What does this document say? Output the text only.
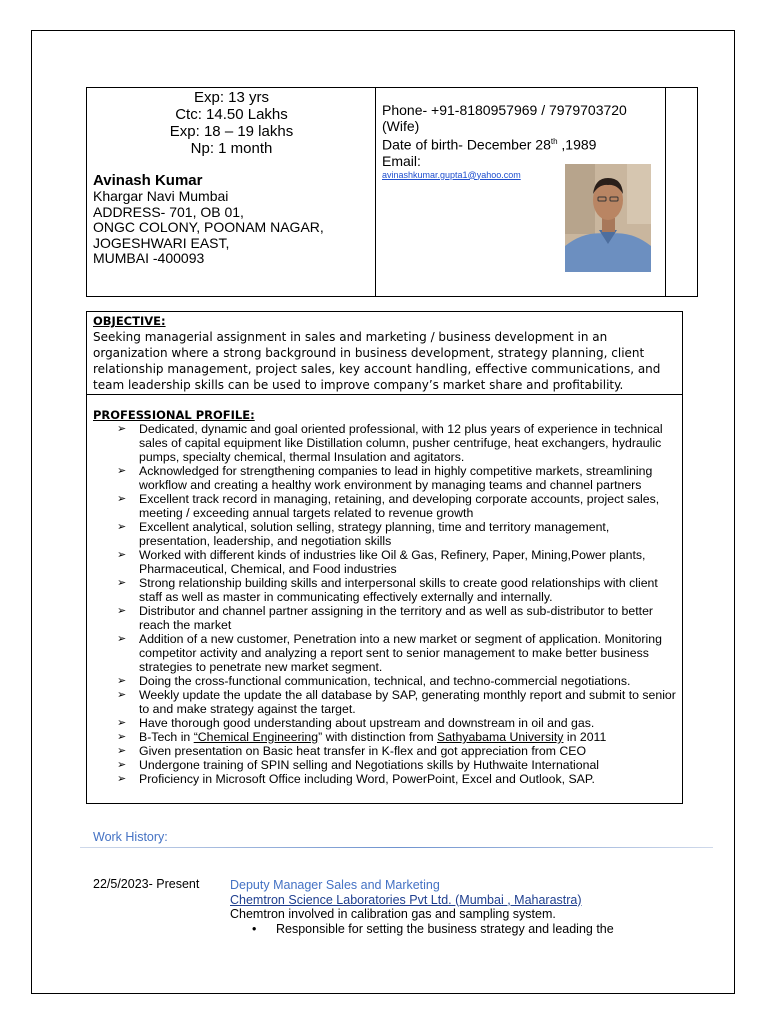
Exp: 13 yrs
Ctc: 14.50 Lakhs
Exp: 18 – 19 lakhs
Np: 1 month
Avinash Kumar
Khargar Navi Mumbai
ADDRESS- 701, OB 01,
ONGC COLONY, POONAM NAGAR,
JOGESHWARI EAST,
MUMBAI -400093
Phone- +91-8180957969 / 7979703720
(Wife)
Date of birth- December 28th ,1989
Email:
avinashkumar.gupta1@yahoo.com
OBJECTIVE:
Seeking managerial assignment in sales and marketing / business development in an organization where a strong background in business development, strategy planning, client relationship management, project sales, key account handling, effective communications, and team leadership skills can be used to improve company’s market share and profitability.
PROFESSIONAL PROFILE:
➢ Dedicated, dynamic and goal oriented professional, with 12 plus years of experience in technical sales of capital equipment like Distillation column, pusher centrifuge, heat exchangers, hydraulic pumps, specialty chemical, thermal Insulation and agitators.
➢ Acknowledged for strengthening companies to lead in highly competitive markets, streamlining workflow and creating a healthy work environment by managing teams and channel partners
➢ Excellent track record in managing, retaining, and developing corporate accounts, project sales, meeting / exceeding annual targets related to revenue growth
➢ Excellent analytical, solution selling, strategy planning, time and territory management, presentation, leadership, and negotiation skills
➢ Worked with different kinds of industries like Oil & Gas, Refinery, Paper, Mining,Power plants, Pharmaceutical, Chemical, and Food industries
➢ Strong relationship building skills and interpersonal skills to create good relationships with client staff as well as master in communicating effectively externally and internally.
➢ Distributor and channel partner assigning in the territory and as well as sub-distributor to better reach the market
➢ Addition of a new customer, Penetration into a new market or segment of application. Monitoring competitor activity and analyzing a report sent to senior management to make better business strategies to penetrate new market segment.
➢ Doing the cross-functional communication, technical, and techno-commercial negotiations.
➢ Weekly update the update the all database by SAP, generating monthly report and submit to senior to and make strategy against the target.
➢ Have thorough good understanding about upstream and downstream in oil and gas.
➢ B-Tech in “Chemical Engineering” with distinction from Sathyabama University in 2011
➢ Given presentation on Basic heat transfer in K-flex and got appreciation from CEO
➢ Undergone training of SPIN selling and Negotiations skills by Huthwaite International
➢ Proficiency in Microsoft Office including Word, PowerPoint, Excel and Outlook, SAP.
Work History:
22/5/2023- Present Deputy Manager Sales and Marketing
Chemtron Science Laboratories Pvt Ltd. (Mumbai , Maharastra)
Chemtron involved in calibration gas and sampling system.
• Responsible for setting the business strategy and leading the
